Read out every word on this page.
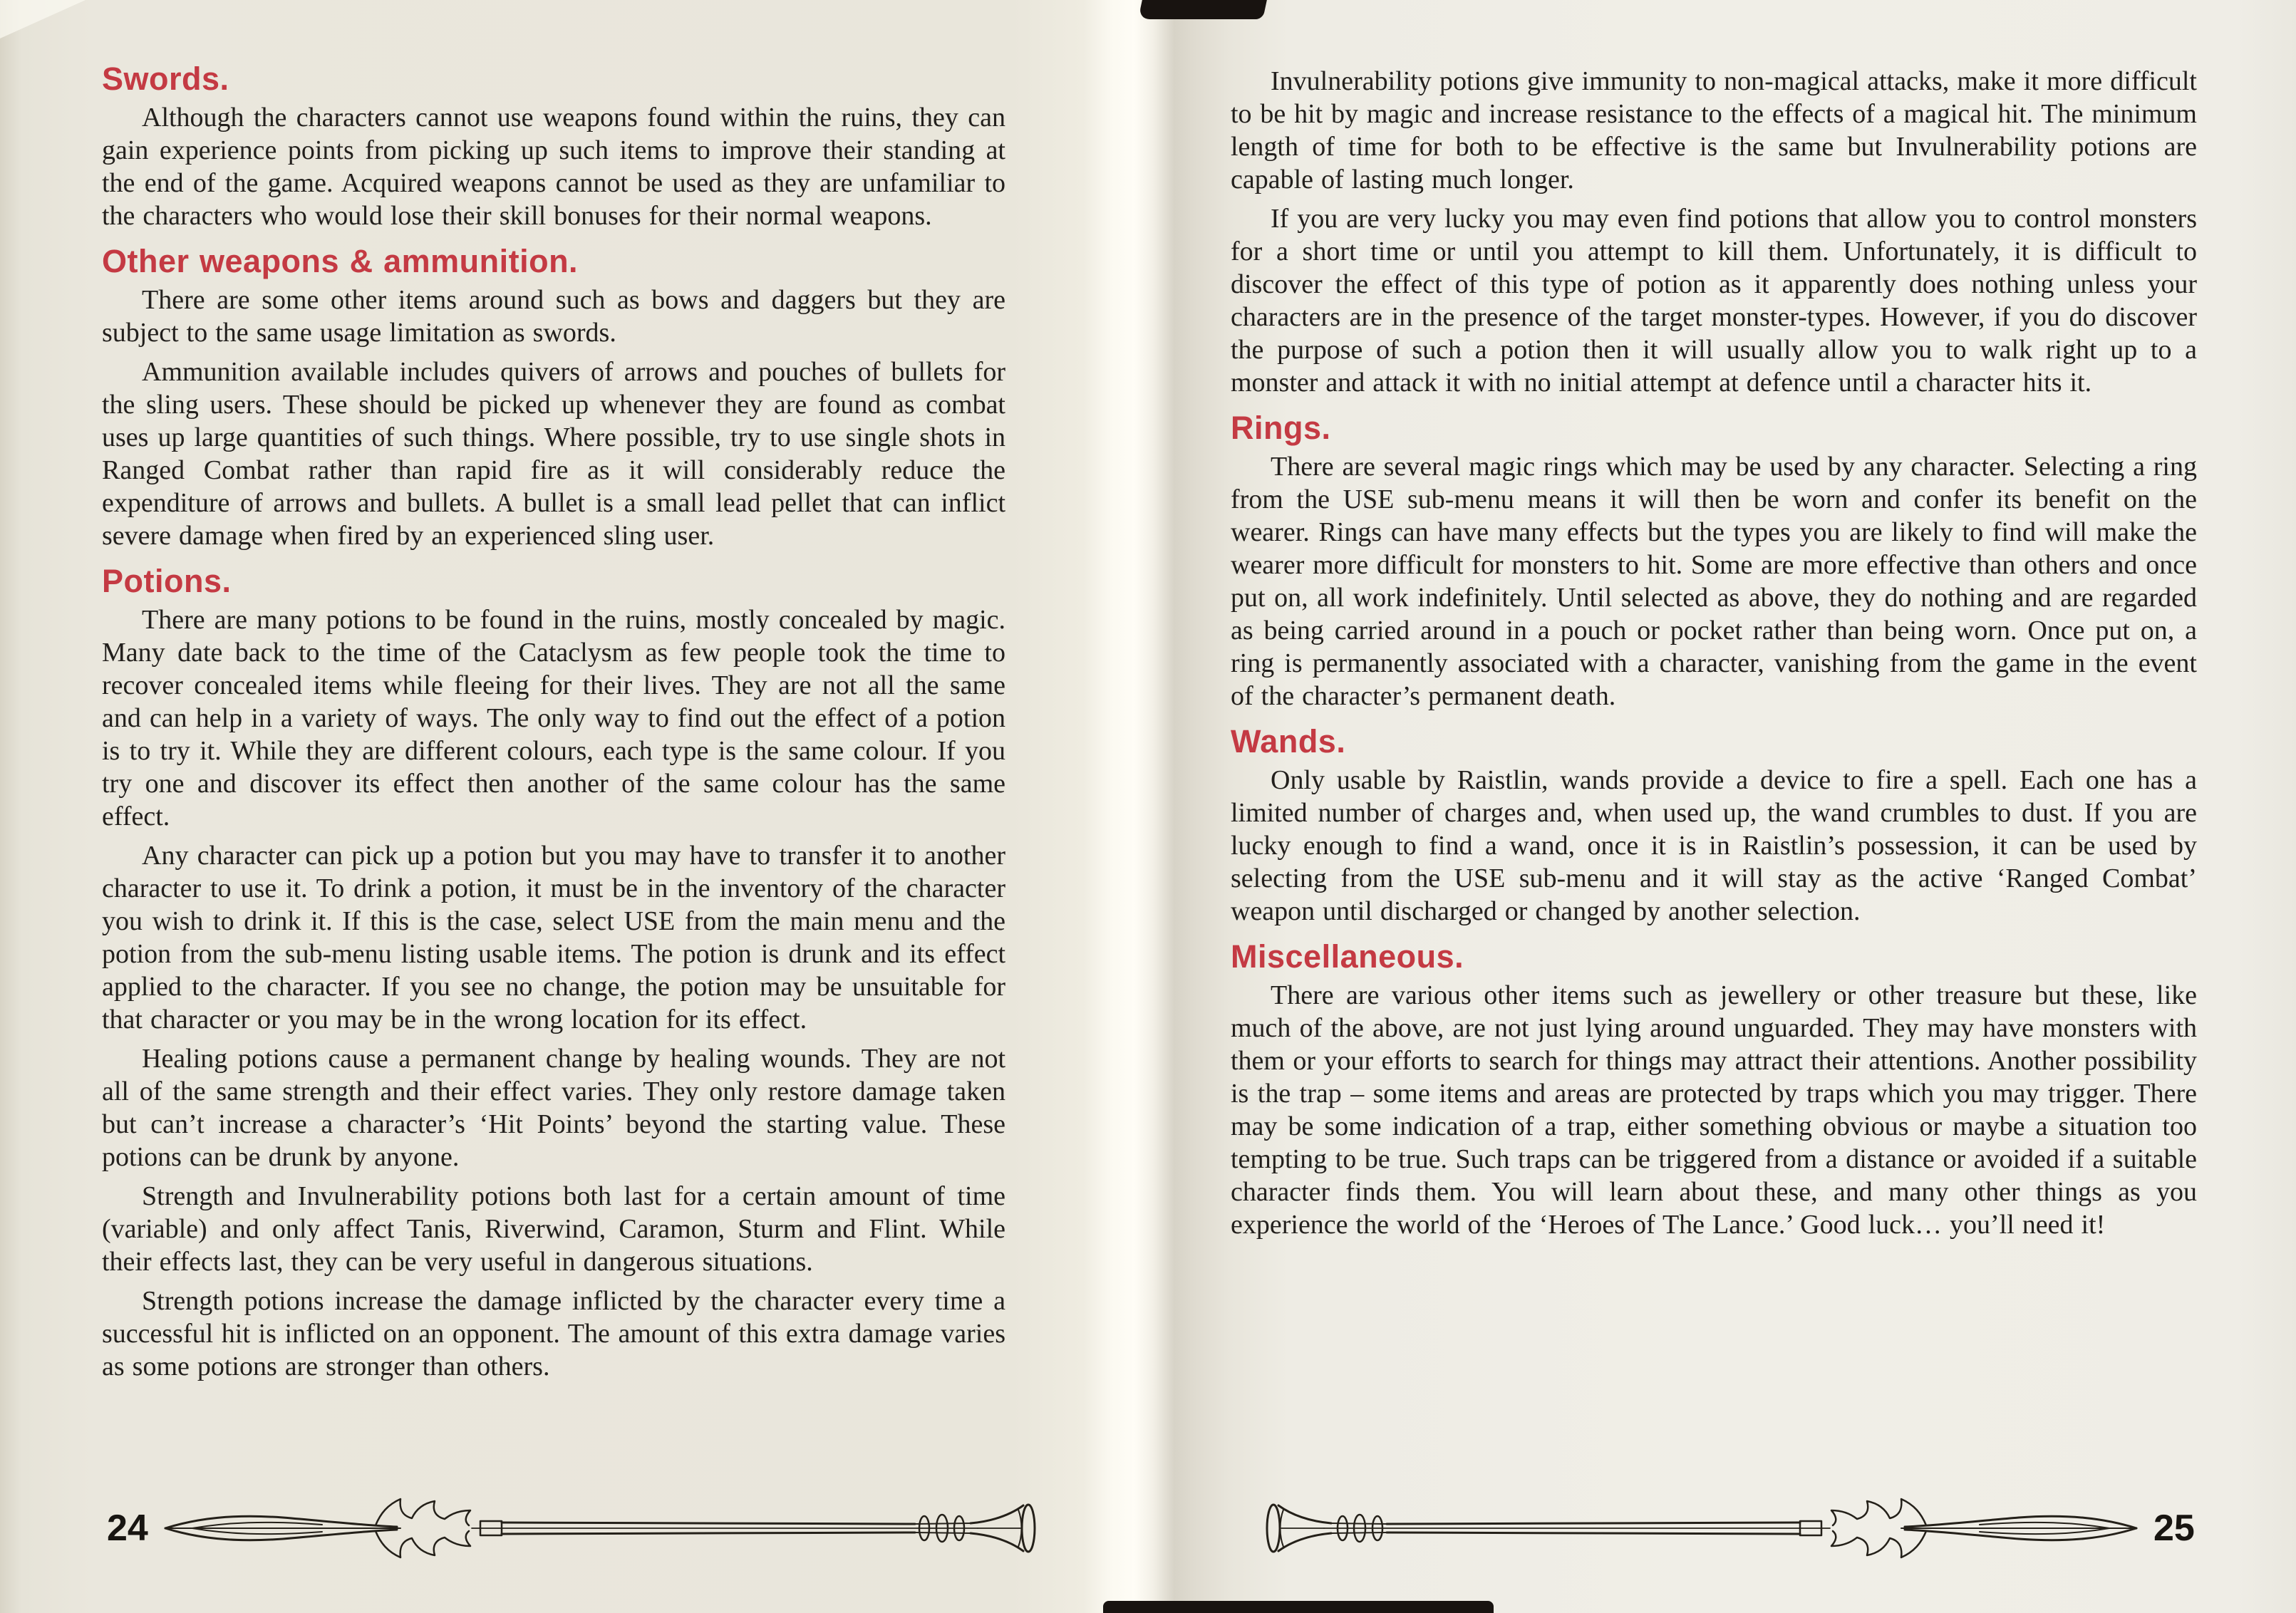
Swords.

Although the characters cannot use weapons found within the ruins, they can gain experience points from picking up such items to improve their standing at the end of the game. Acquired weapons cannot be used as they are unfamiliar to the characters who would lose their skill bonuses for their normal weapons.

Other weapons & ammunition.

There are some other items around such as bows and daggers but they are subject to the same usage limitation as swords.

Ammunition available includes quivers of arrows and pouches of bullets for the sling users. These should be picked up whenever they are found as combat uses up large quantities of such things. Where possible, try to use single shots in Ranged Combat rather than rapid fire as it will considerably reduce the expenditure of arrows and bullets. A bullet is a small lead pellet that can inflict severe damage when fired by an experienced sling user.

Potions.

There are many potions to be found in the ruins, mostly concealed by magic. Many date back to the time of the Cataclysm as few people took the time to recover concealed items while fleeing for their lives. They are not all the same and can help in a variety of ways. The only way to find out the effect of a potion is to try it. While they are different colours, each type is the same colour. If you try one and discover its effect then another of the same colour has the same effect.

Any character can pick up a potion but you may have to transfer it to another character to use it. To drink a potion, it must be in the inventory of the character you wish to drink it. If this is the case, select USE from the main menu and the potion from the sub-menu listing usable items. The potion is drunk and its effect applied to the character. If you see no change, the potion may be unsuitable for that character or you may be in the wrong location for its effect.

Healing potions cause a permanent change by healing wounds. They are not all of the same strength and their effect varies. They only restore damage taken but can’t increase a character’s ‘Hit Points’ beyond the starting value. These potions can be drunk by anyone.

Strength and Invulnerability potions both last for a certain amount of time (variable) and only affect Tanis, Riverwind, Caramon, Sturm and Flint. While their effects last, they can be very useful in dangerous situations.

Strength potions increase the damage inflicted by the character every time a successful hit is inflicted on an opponent. The amount of this extra damage varies as some potions are stronger than others.

24

Invulnerability potions give immunity to non-magical attacks, make it more difficult to be hit by magic and increase resistance to the effects of a magical hit. The minimum length of time for both to be effective is the same but Invulnerability potions are capable of lasting much longer.

If you are very lucky you may even find potions that allow you to control monsters for a short time or until you attempt to kill them. Unfortunately, it is difficult to discover the effect of this type of potion as it apparently does nothing unless your characters are in the presence of the target monster-types. However, if you do discover the purpose of such a potion then it will usually allow you to walk right up to a monster and attack it with no initial attempt at defence until a character hits it.

Rings.

There are several magic rings which may be used by any character. Selecting a ring from the USE sub-menu means it will then be worn and confer its benefit on the wearer. Rings can have many effects but the types you are likely to find will make the wearer more difficult for monsters to hit. Some are more effective than others and once put on, all work indefinitely. Until selected as above, they do nothing and are regarded as being carried around in a pouch or pocket rather than being worn. Once put on, a ring is permanently associated with a character, vanishing from the game in the event of the character’s permanent death.

Wands.

Only usable by Raistlin, wands provide a device to fire a spell. Each one has a limited number of charges and, when used up, the wand crumbles to dust. If you are lucky enough to find a wand, once it is in Raistlin’s possession, it can be used by selecting from the USE sub-menu and it will stay as the active ‘Ranged Combat’ weapon until discharged or changed by another selection.

Miscellaneous.

There are various other items such as jewellery or other treasure but these, like much of the above, are not just lying around unguarded. They may have monsters with them or your efforts to search for things may attract their attentions. Another possibility is the trap – some items and areas are protected by traps which you may trigger. There may be some indication of a trap, either something obvious or maybe a situation too tempting to be true. Such traps can be triggered from a distance or avoided if a suitable character finds them. You will learn about these, and many other things as you experience the world of the ‘Heroes of The Lance.’ Good luck… you’ll need it!

25
